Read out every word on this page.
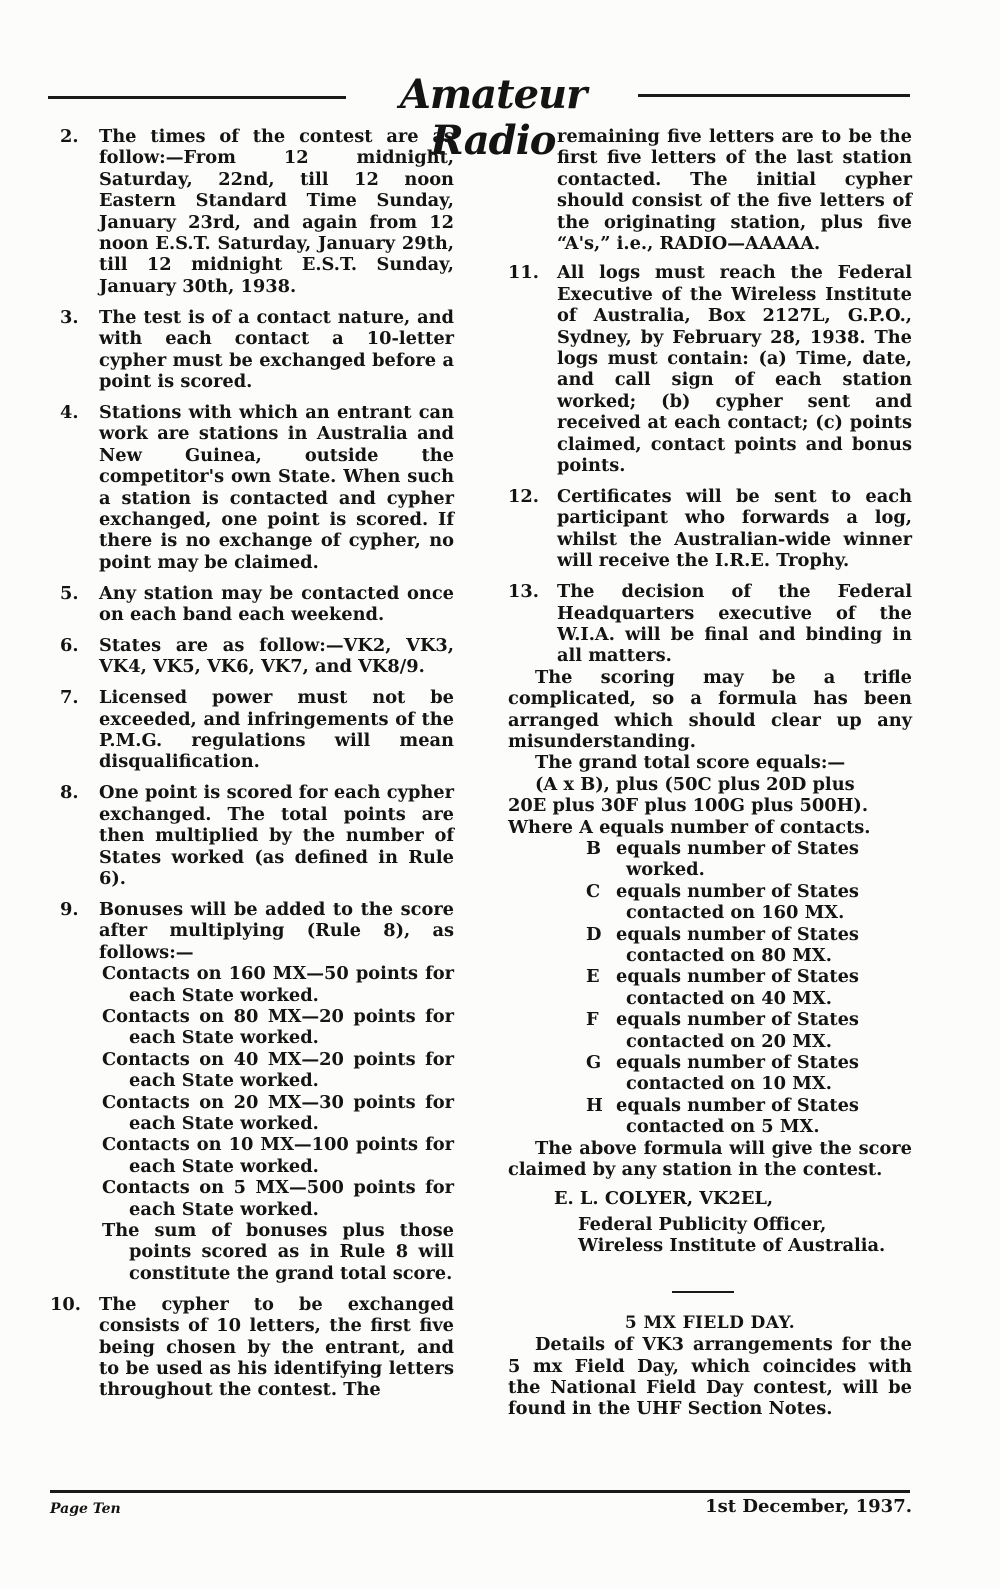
Amateur Radio
2. The times of the contest are as follow:—From 12 midnight, Saturday, 22nd, till 12 noon Eastern Standard Time Sunday, January 23rd, and again from 12 noon E.S.T. Saturday, January 29th, till 12 midnight E.S.T. Sunday, January 30th, 1938.
3. The test is of a contact nature, and with each contact a 10-letter cypher must be exchanged before a point is scored.
4. Stations with which an entrant can work are stations in Australia and New Guinea, outside the competitor's own State. When such a station is contacted and cypher exchanged, one point is scored. If there is no exchange of cypher, no point may be claimed.
5. Any station may be contacted once on each band each weekend.
6. States are as follow:—VK2, VK3, VK4, VK5, VK6, VK7, and VK8/9.
7. Licensed power must not be exceeded, and infringements of the P.M.G. regulations will mean disqualification.
8. One point is scored for each cypher exchanged. The total points are then multiplied by the number of States worked (as defined in Rule 6).
9. Bonuses will be added to the score after multiplying (Rule 8), as follows:—
Contacts on 160 MX—50 points for each State worked.
Contacts on 80 MX—20 points for each State worked.
Contacts on 40 MX—20 points for each State worked.
Contacts on 20 MX—30 points for each State worked.
Contacts on 10 MX—100 points for each State worked.
Contacts on 5 MX—500 points for each State worked.
The sum of bonuses plus those points scored as in Rule 8 will constitute the grand total score.
10. The cypher to be exchanged consists of 10 letters, the first five being chosen by the entrant, and to be used as his identifying letters throughout the contest. The
remaining five letters are to be the first five letters of the last station contacted. The initial cypher should consist of the five letters of the originating station, plus five “A's,” i.e., RADIO—AAAAA.
11. All logs must reach the Federal Executive of the Wireless Institute of Australia, Box 2127L, G.P.O., Sydney, by February 28, 1938. The logs must contain: (a) Time, date, and call sign of each station worked; (b) cypher sent and received at each contact; (c) points claimed, contact points and bonus points.
12. Certificates will be sent to each participant who forwards a log, whilst the Australian-wide winner will receive the I.R.E. Trophy.
13. The decision of the Federal Headquarters executive of the W.I.A. will be final and binding in all matters.
The scoring may be a trifle complicated, so a formula has been arranged which should clear up any misunderstanding.
The grand total score equals:—
(A x B), plus (50C plus 20D plus
20E plus 30F plus 100G plus 500H).
Where A equals number of contacts.
B equals number of States
worked.
C equals number of States
contacted on 160 MX.
D equals number of States
contacted on 80 MX.
E equals number of States
contacted on 40 MX.
F equals number of States
contacted on 20 MX.
G equals number of States
contacted on 10 MX.
H equals number of States
contacted on 5 MX.
The above formula will give the score claimed by any station in the contest.
E. L. COLYER, VK2EL,
Federal Publicity Officer,
Wireless Institute of Australia.
5 MX FIELD DAY.
Details of VK3 arrangements for the 5 mx Field Day, which coincides with the National Field Day contest, will be found in the UHF Section Notes.
Page Ten	1st December, 1937.
